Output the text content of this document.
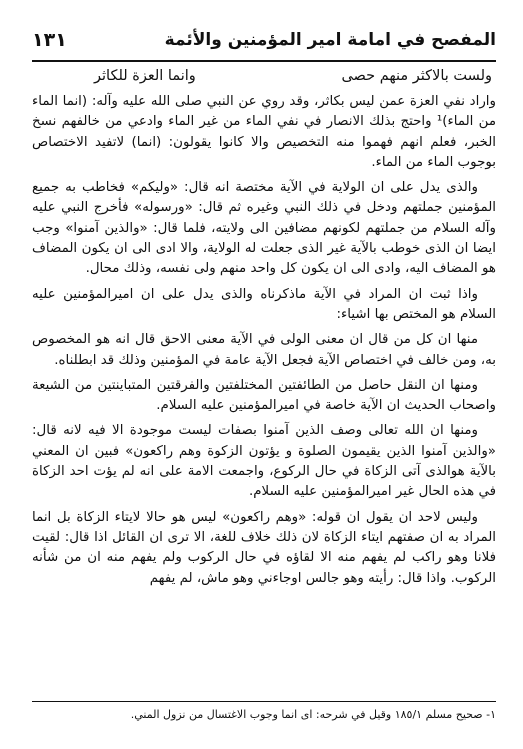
المفصح في امامة امير المؤمنين والأئمة
١٣١
ولست بالاكثر منهم حصى
وانما العزة للكاثر

واراد نفي العزة عمن ليس بكاثر، وقد روي عن النبي صلى الله عليه وآله: (انما الماء من الماء)¹ واحتج بذلك الانصار في نفي الماء من غير الماء وادعي من خالفهم نسخ الخبر، فعلم انهم فهموا منه التخصيص والا كانوا يقولون: (انما) لاتفيد الاختصاص بوجوب الماء من الماء.

والذى يدل على ان الولاية في الآية مختصة انه قال: «وليكم» فخاطب به جميع المؤمنين جملتهم ودخل في ذلك النبي وغيره ثم قال: «ورسوله» فأخرج النبي عليه وآله السلام من جملتهم لكونهم مضافين الى ولايته، فلما قال: «والذين آمنوا» وجب ايضا ان الذى خوطب بالآية غير الذى جعلت له الولاية، والا ادى الى ان يكون المضاف هو المضاف اليه، وادى الى ان يكون كل واحد منهم ولى نفسه، وذلك محال.

واذا ثبت ان المراد في الآية ماذكرناه والذى يدل على ان اميرالمؤمنين عليه السلام هو المختص بها اشياء:

منها ان كل من قال ان معنى الولى في الآية معنى الاحق قال انه هو المخصوص به، ومن خالف في اختصاص الآية فجعل الآية عامة في المؤمنين وذلك قد ابطلناه.

ومنها ان النقل حاصل من الطائفتين المختلفتين والفرقتين المتباينتين من الشيعة واصحاب الحديث ان الآية خاصة في اميرالمؤمنين عليه السلام.

ومنها ان الله تعالى وصف الذين آمنوا بصفات ليست موجودة الا فيه لانه قال: «والذين آمنوا الذين يقيمون الصلوة و يؤتون الزكوة وهم راكعون» فبين ان المعني بالآية هوالذى آتى الزكاة في حال الركوع، واجمعت الامة على انه لم يؤت احد الزكاة في هذه الحال غير اميرالمؤمنين عليه السلام.

وليس لاحد ان يقول ان قوله: «وهم راكعون» ليس هو حالا لايتاء الزكاة بل انما المراد به ان صفتهم ايتاء الزكاة لان ذلك خلاف للغة، الا ترى ان القائل اذا قال: لقيت فلانا وهو راكب لم يفهم منه الا لقاؤه في حال الركوب ولم يفهم منه ان من شأنه الركوب. واذا قال: رأيته وهو جالس اوجاءني وهو ماش، لم يفهم

١- صحيح مسلم ١٨٥/١ وقيل في شرحه: اى انما وجوب الاغتسال من نزول المني.
